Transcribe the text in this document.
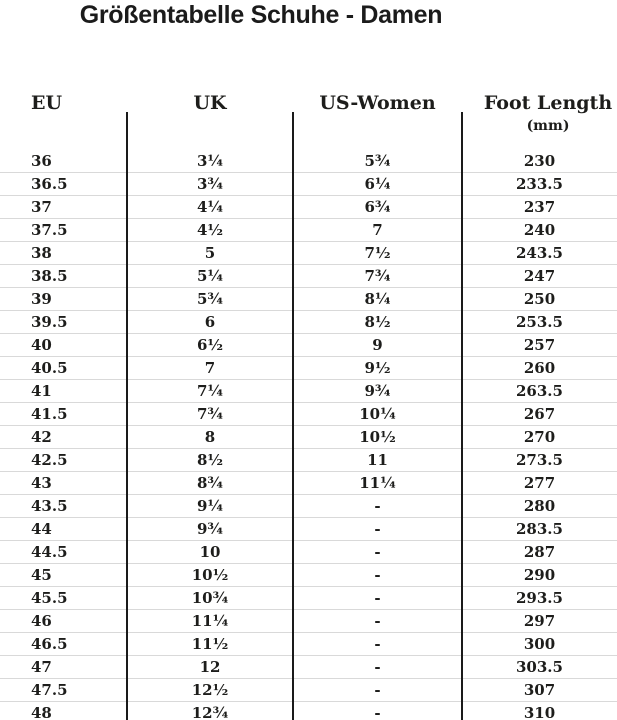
Größentabelle Schuhe - Damen
EU	UK	US-Women	Foot Length
(mm)
36	3¼	5¾	230
36.5	3¾	6¼	233.5
37	4¼	6¾	237
37.5	4½	7	240
38	5	7½	243.5
38.5	5¼	7¾	247
39	5¾	8¼	250
39.5	6	8½	253.5
40	6½	9	257
40.5	7	9½	260
41	7¼	9¾	263.5
41.5	7¾	10¼	267
42	8	10½	270
42.5	8½	11	273.5
43	8¾	11¼	277
43.5	9¼	-	280
44	9¾	-	283.5
44.5	10	-	287
45	10½	-	290
45.5	10¾	-	293.5
46	11¼	-	297
46.5	11½	-	300
47	12	-	303.5
47.5	12½	-	307
48	12¾	-	310
